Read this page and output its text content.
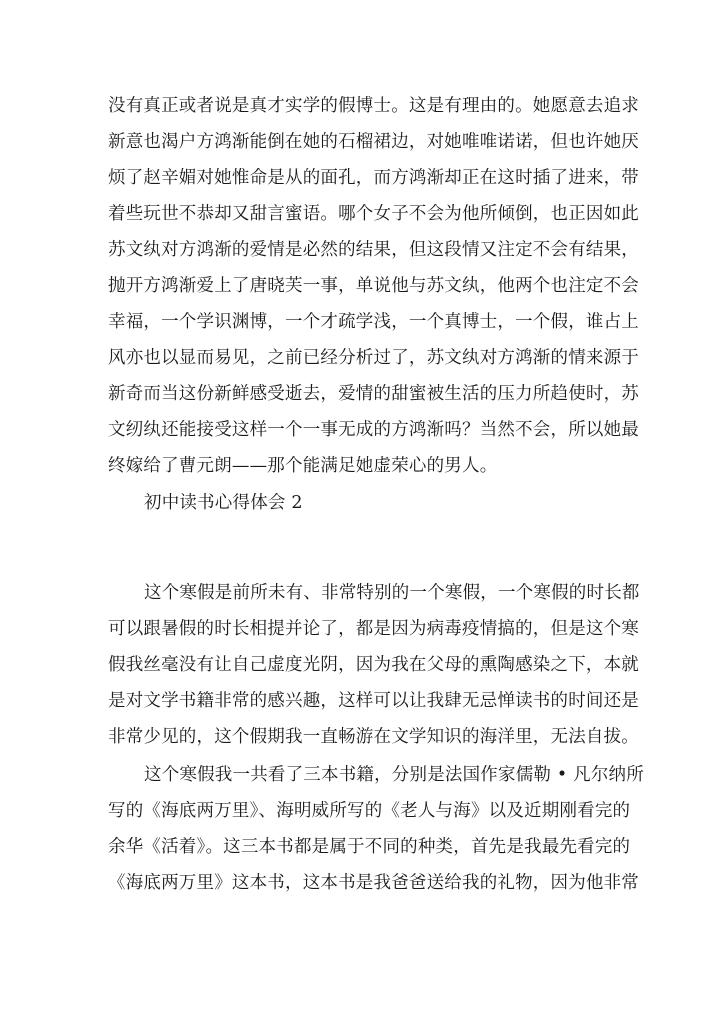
没有真正或者说是真才实学的假博士。这是有理由的。她愿意去追求
新意也渴户方鸿渐能倒在她的石榴裙边，对她唯唯诺诺，但也许她厌
烦了赵辛媚对她惟命是从的面孔，而方鸿渐却正在这时插了进来，带
着些玩世不恭却又甜言蜜语。哪个女子不会为他所倾倒，也正因如此
苏文纨对方鸿渐的爱情是必然的结果，但这段情又注定不会有结果，
抛开方鸿渐爱上了唐晓芙一事，单说他与苏文纨，他两个也注定不会
幸福，一个学识渊博，一个才疏学浅，一个真博士，一个假，谁占上
风亦也以显而易见，之前已经分析过了，苏文纨对方鸿渐的情来源于
新奇而当这份新鲜感受逝去，爱情的甜蜜被生活的压力所趋使时，苏
文纫纨还能接受这样一个一事无成的方鸿渐吗？当然不会，所以她最
终嫁给了曹元朗——那个能满足她虚荣心的男人。
初中读书心得体会 2
这个寒假是前所未有、非常特别的一个寒假，一个寒假的时长都
可以跟暑假的时长相提并论了，都是因为病毒疫情搞的，但是这个寒
假我丝毫没有让自己虚度光阴，因为我在父母的熏陶感染之下，本就
是对文学书籍非常的感兴趣，这样可以让我肆无忌惮读书的时间还是
非常少见的，这个假期我一直畅游在文学知识的海洋里，无法自拔。
这个寒假我一共看了三本书籍，分别是法国作家儒勒 • 凡尔纳所
写的《海底两万里》、海明威所写的《老人与海》以及近期刚看完的
余华《活着》。这三本书都是属于不同的种类，首先是我最先看完的
《海底两万里》这本书，这本书是我爸爸送给我的礼物，因为他非常
